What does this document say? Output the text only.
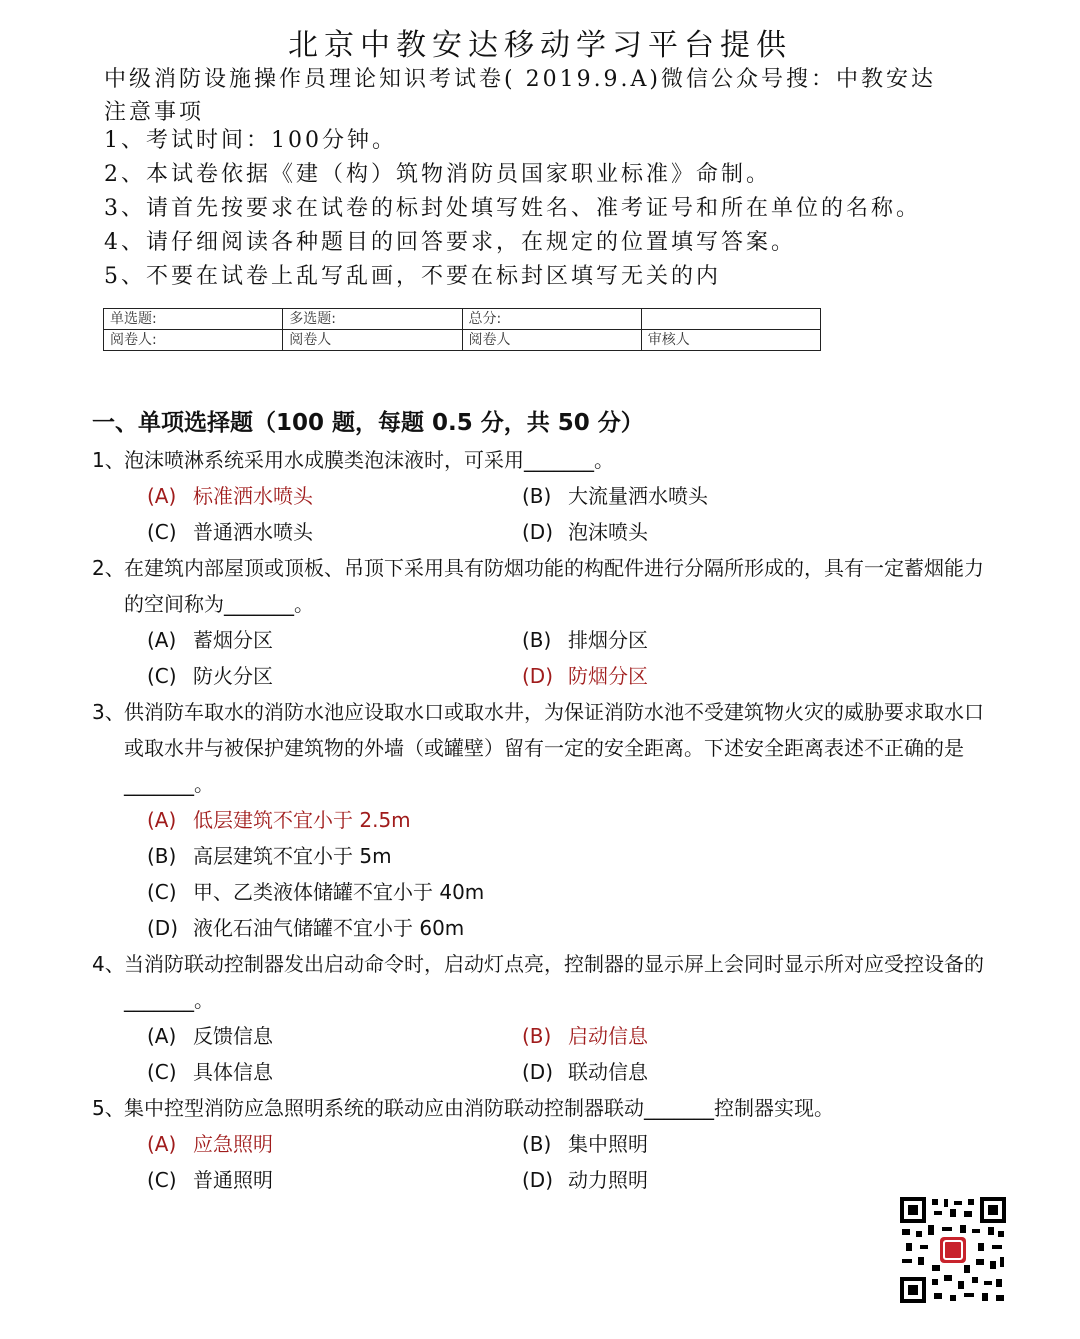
北京中教安达移动学习平台提供
中级消防设施操作员理论知识考试卷( 2019.9.A)微信公众号搜：中教安达
注意事项
1、考试时间：100分钟。
2、本试卷依据《建（构）筑物消防员国家职业标准》命制。
3、请首先按要求在试卷的标封处填写姓名、准考证号和所在单位的名称。
4、请仔细阅读各种题目的回答要求，在规定的位置填写答案。
5、不要在试卷上乱写乱画，不要在标封区填写无关的内
单选题:	多选题:	总分:	
阅卷人:	阅卷人	阅卷人	审核人
一、单项选择题（100 题，每题 0.5 分，共 50 分）
1、泡沫喷淋系统采用水成膜类泡沫液时，可采用_______。
(A) 标准洒水喷头	(B) 大流量洒水喷头
(C) 普通洒水喷头	(D) 泡沫喷头
2、在建筑内部屋顶或顶板、吊顶下采用具有防烟功能的构配件进行分隔所形成的，具有一定蓄烟能力的空间称为_______。
(A) 蓄烟分区	(B) 排烟分区
(C) 防火分区	(D) 防烟分区
3、供消防车取水的消防水池应设取水口或取水井，为保证消防水池不受建筑物火灾的威胁要求取水口或取水井与被保护建筑物的外墙（或罐壁）留有一定的安全距离。下述安全距离表述不正确的是_______。
(A) 低层建筑不宜小于 2.5m
(B) 高层建筑不宜小于 5m
(C) 甲、乙类液体储罐不宜小于 40m
(D) 液化石油气储罐不宜小于 60m
4、当消防联动控制器发出启动命令时，启动灯点亮，控制器的显示屏上会同时显示所对应受控设备的_______。
(A) 反馈信息	(B) 启动信息
(C) 具体信息	(D) 联动信息
5、集中控型消防应急照明系统的联动应由消防联动控制器联动_______控制器实现。
(A) 应急照明	(B) 集中照明
(C) 普通照明	(D) 动力照明
